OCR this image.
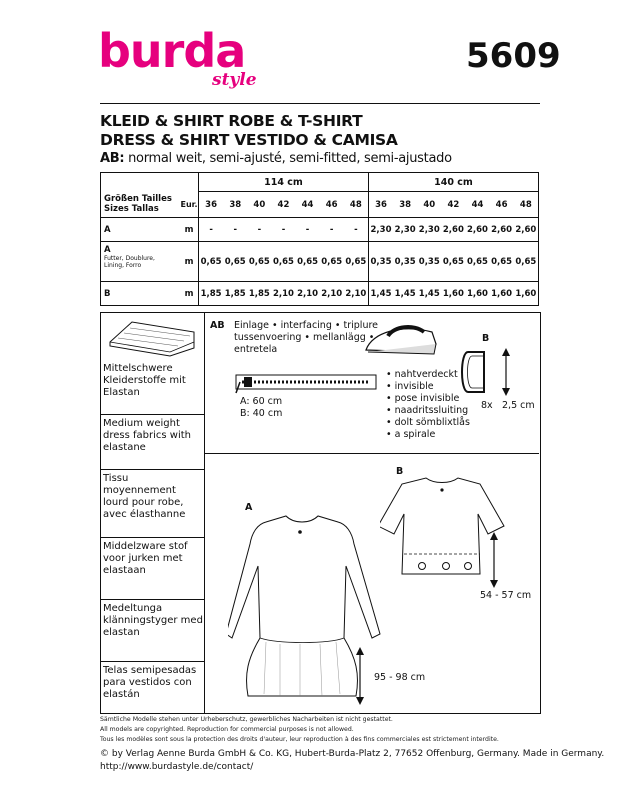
burda
style
5609
KLEID & SHIRT ROBE & T-SHIRT
DRESS & SHIRT VESTIDO & CAMISA
AB: normal weit, semi-ajusté, semi-fitted, semi-ajustado
		114 cm							140 cm						
Größen Tailles
Sizes Tallas	Eur.	36	38	40	42	44	46	48	36	38	40	42	44	46	48
A	m	-	-	-	-	-	-	-	2,30	2,30	2,30	2,60	2,60	2,60	2,60
A
Futter, Doublure, Lining, Forro	m	0,65	0,65	0,65	0,65	0,65	0,65	0,65	0,35	0,35	0,35	0,65	0,65	0,65	0,65
B	m	1,85	1,85	1,85	2,10	2,10	2,10	2,10	1,45	1,45	1,45	1,60	1,60	1,60	1,60
Mittelschwere Kleiderstoffe mit Elastan
Medium weight dress fabrics with elastane
Tissu moyennement lourd pour robe, avec élasthanne
Middelzware stof voor jurken met elastaan
Medeltunga klänningstyger med elastan
Telas semipesadas para vestidos con elastán
AB Einlage • interfacing • triplure
tussenvoering • mellanlägg •
entretela
A: 60 cm
B: 40 cm
• nahtverdeckt
• invisible
• pose invisible
• naadritssluiting
• dolt sömblixtlås
• a spirale
B
8x 2,5 cm
A
95 - 98 cm
B
54 - 57 cm
Sämtliche Modelle stehen unter Urheberschutz, gewerbliches Nacharbeiten ist nicht gestattet.
All models are copyrighted. Reproduction for commercial purposes is not allowed.
Tous les modèles sont sous la protection des droits d'auteur, leur reproduction à des fins commerciales est strictement interdite.
© by Verlag Aenne Burda GmbH & Co. KG, Hubert-Burda-Platz 2, 77652 Offenburg, Germany. Made in Germany.
http://www.burdastyle.de/contact/
